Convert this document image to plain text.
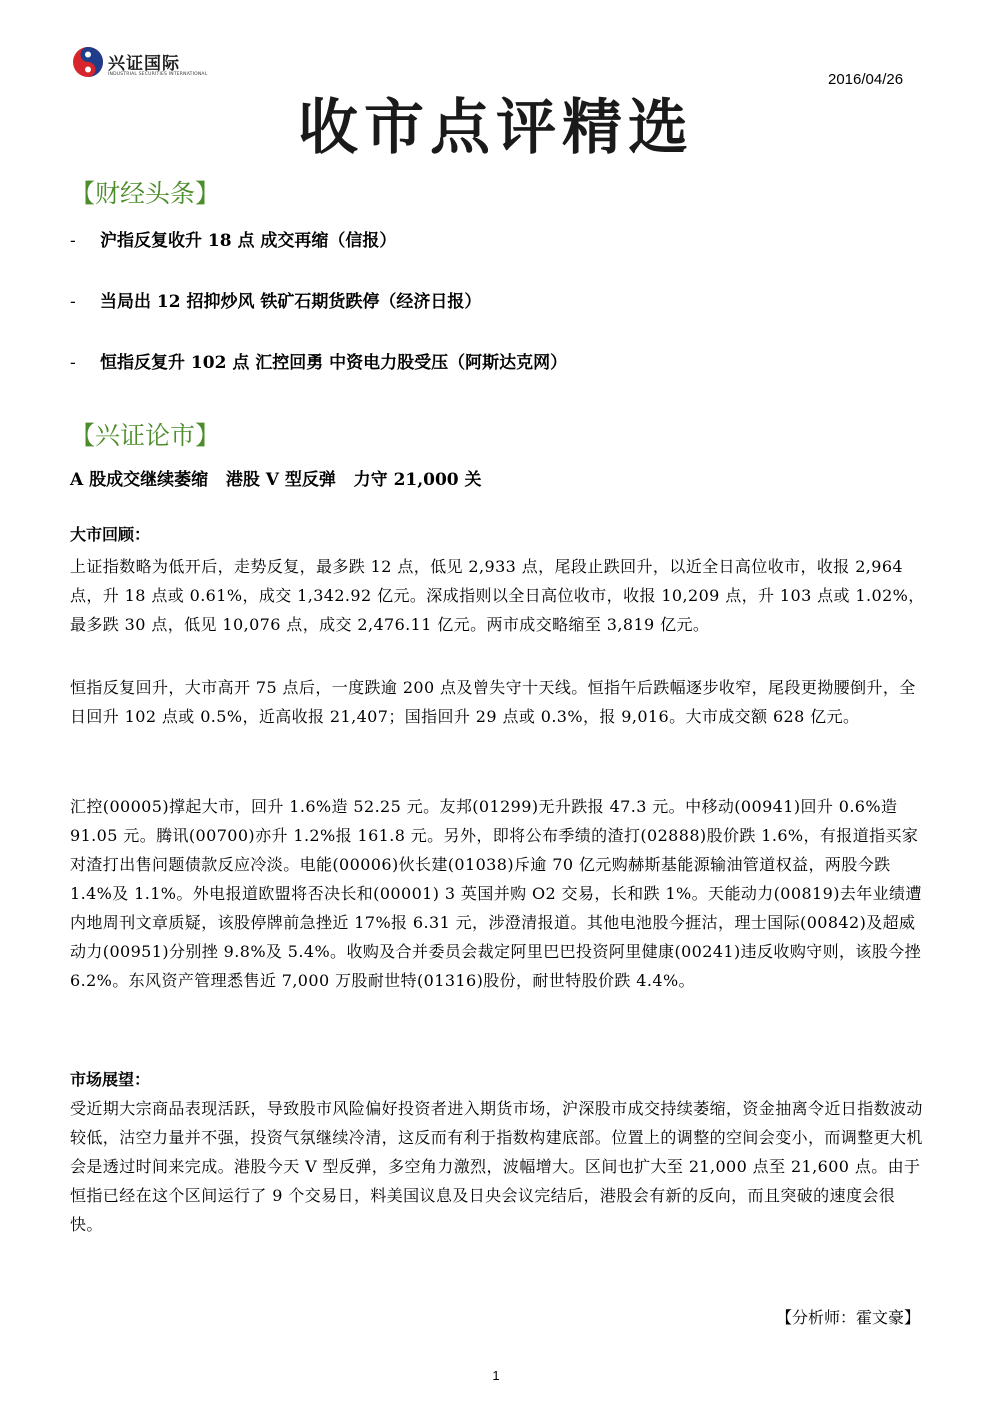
兴证国际
INDUSTRIAL SECURITIES INTERNATIONAL	2016/04/26
收市点评精选
【财经头条】
- 沪指反复收升 18 点 成交再缩（信报）
- 当局出 12 招抑炒风 铁矿石期货跌停（经济日报）
- 恒指反复升 102 点 汇控回勇 中资电力股受压（阿斯达克网）
【兴证论市】
A 股成交继续萎缩   港股 V 型反弹   力守 21,000 关
大市回顾：
上证指数略为低开后，走势反复，最多跌 12 点，低见 2,933 点，尾段止跌回升，以近全日高位收市，收报 2,964 点，升 18 点或 0.61%，成交 1,342.92 亿元。深成指则以全日高位收市，收报 10,209 点，升 103 点或 1.02%，最多跌 30 点，低见 10,076 点，成交 2,476.11 亿元。两市成交略缩至 3,819 亿元。
恒指反复回升，大市高开 75 点后，一度跌逾 200 点及曾失守十天线。恒指午后跌幅逐步收窄，尾段更拗腰倒升，全日回升 102 点或 0.5%，近高收报 21,407；国指回升 29 点或 0.3%，报 9,016。大市成交额 628 亿元。
汇控(00005)撑起大市，回升 1.6%造 52.25 元。友邦(01299)无升跌报 47.3 元。中移动(00941)回升 0.6%造 91.05 元。腾讯(00700)亦升 1.2%报 161.8 元。另外，即将公布季绩的渣打(02888)股价跌 1.6%，有报道指买家对渣打出售问题债款反应冷淡。电能(00006)伙长建(01038)斥逾 70 亿元购赫斯基能源输油管道权益，两股今跌 1.4%及 1.1%。外电报道欧盟将否决长和(00001) 3 英国并购 O2 交易，长和跌 1%。天能动力(00819)去年业绩遭内地周刊文章质疑，该股停牌前急挫近 17%报 6.31 元，涉澄清报道。其他电池股今捱沽，理士国际(00842)及超威动力(00951)分别挫 9.8%及 5.4%。收购及合并委员会裁定阿里巴巴投资阿里健康(00241)违反收购守则，该股今挫 6.2%。东风资产管理悉售近 7,000 万股耐世特(01316)股份，耐世特股价跌 4.4%。
市场展望：
受近期大宗商品表现活跃，导致股市风险偏好投资者进入期货市场，沪深股市成交持续萎缩，资金抽离令近日指数波动较低，沽空力量并不强，投资气氛继续冷清，这反而有利于指数构建底部。位置上的调整的空间会变小，而调整更大机会是透过时间来完成。港股今天 V 型反弹，多空角力激烈，波幅增大。区间也扩大至 21,000 点至 21,600 点。由于恒指已经在这个区间运行了 9 个交易日，料美国议息及日央会议完结后，港股会有新的反向，而且突破的速度会很快。
【分析师：霍文豪】
1
